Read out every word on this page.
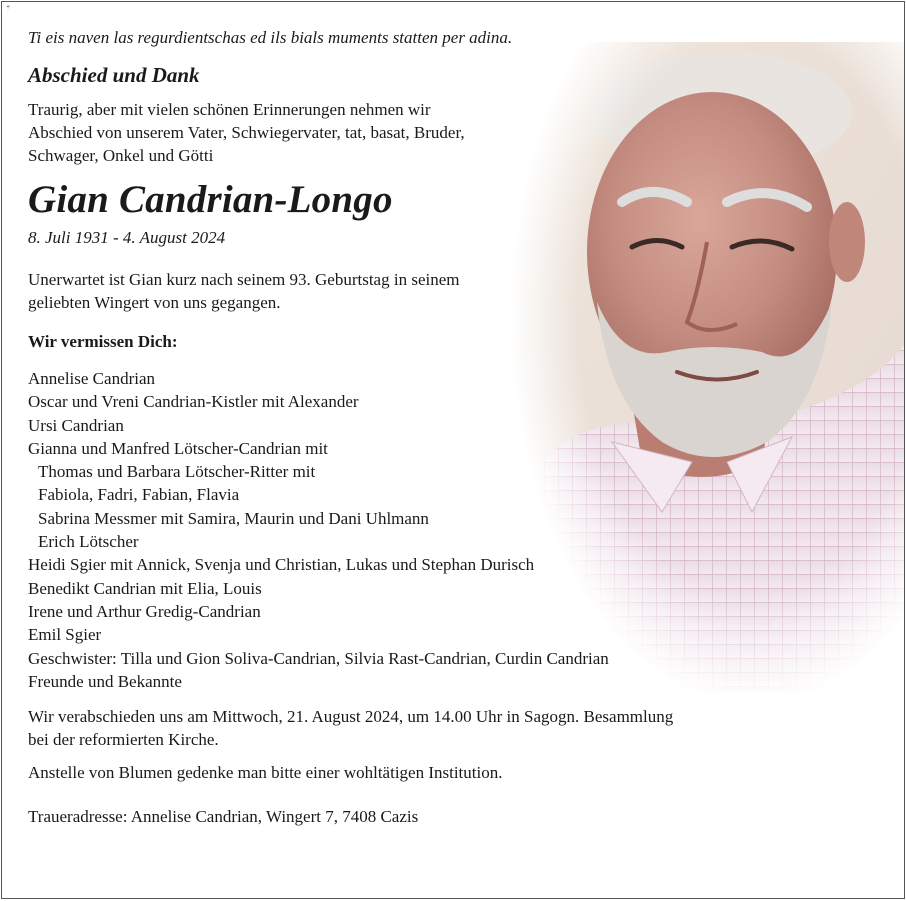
+

Ti eis naven las regurdientschas ed ils bials muments statten per adina.

Abschied und Dank

Traurig, aber mit vielen schönen Erinnerungen nehmen wir
Abschied von unserem Vater, Schwiegervater, tat, basat, Bruder,
Schwager, Onkel und Götti

Gian Candrian-Longo

8. Juli 1931 - 4. August 2024

Unerwartet ist Gian kurz nach seinem 93. Geburtstag in seinem
geliebten Wingert von uns gegangen.

Wir vermissen Dich:

Annelise Candrian
Oscar und Vreni Candrian-Kistler mit Alexander
Ursi Candrian
Gianna und Manfred Lötscher-Candrian mit
Thomas und Barbara Lötscher-Ritter mit
Fabiola, Fadri, Fabian, Flavia
Sabrina Messmer mit Samira, Maurin und Dani Uhlmann
Erich Lötscher
Heidi Sgier mit Annick, Svenja und Christian, Lukas und Stephan Durisch
Benedikt Candrian mit Elia, Louis
Irene und Arthur Gredig-Candrian
Emil Sgier
Geschwister: Tilla und Gion Soliva-Candrian, Silvia Rast-Candrian, Curdin Candrian
Freunde und Bekannte

Wir verabschieden uns am Mittwoch, 21. August 2024, um 14.00 Uhr in Sagogn. Besammlung
bei der reformierten Kirche.

Anstelle von Blumen gedenke man bitte einer wohltätigen Institution.

Traueradresse: Annelise Candrian, Wingert 7, 7408 Cazis
